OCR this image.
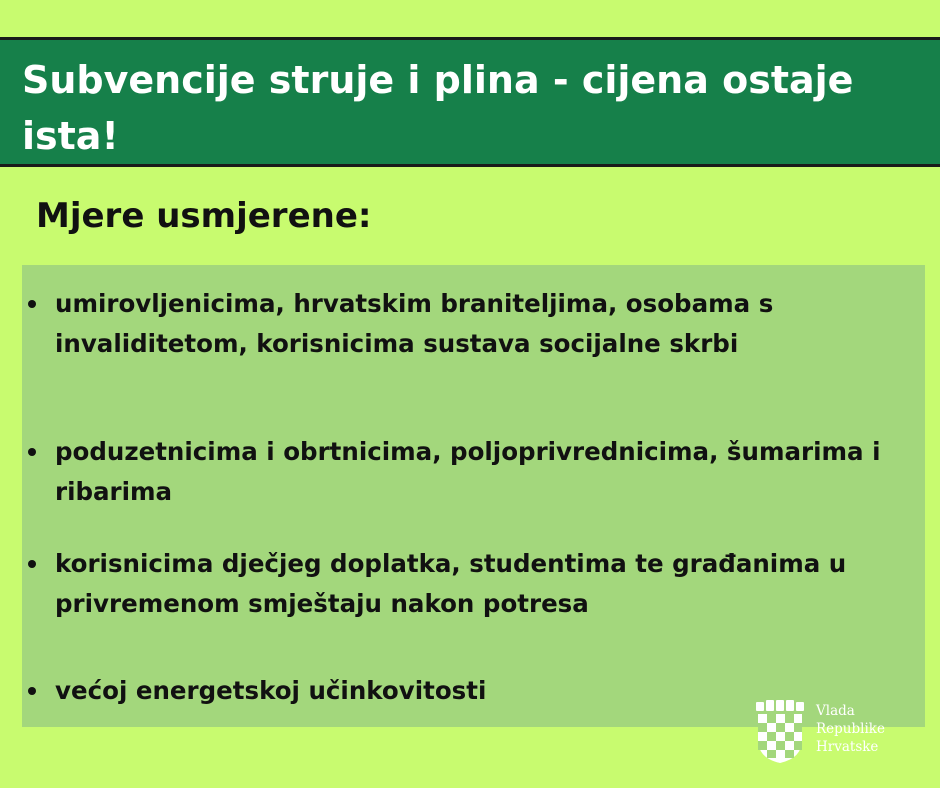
Subvencije struje i plina - cijena ostaje ista!
Mjere usmjerene:
umirovljenicima, hrvatskim braniteljima, osobama s invaliditetom, korisnicima sustava socijalne skrbi
poduzetnicima i obrtnicima, poljoprivrednicima, šumarima i ribarima
korisnicima dječjeg doplatka, studentima te građanima u privremenom smještaju nakon potresa
većoj energetskoj učinkovitosti
Vlada
Republike
Hrvatske
